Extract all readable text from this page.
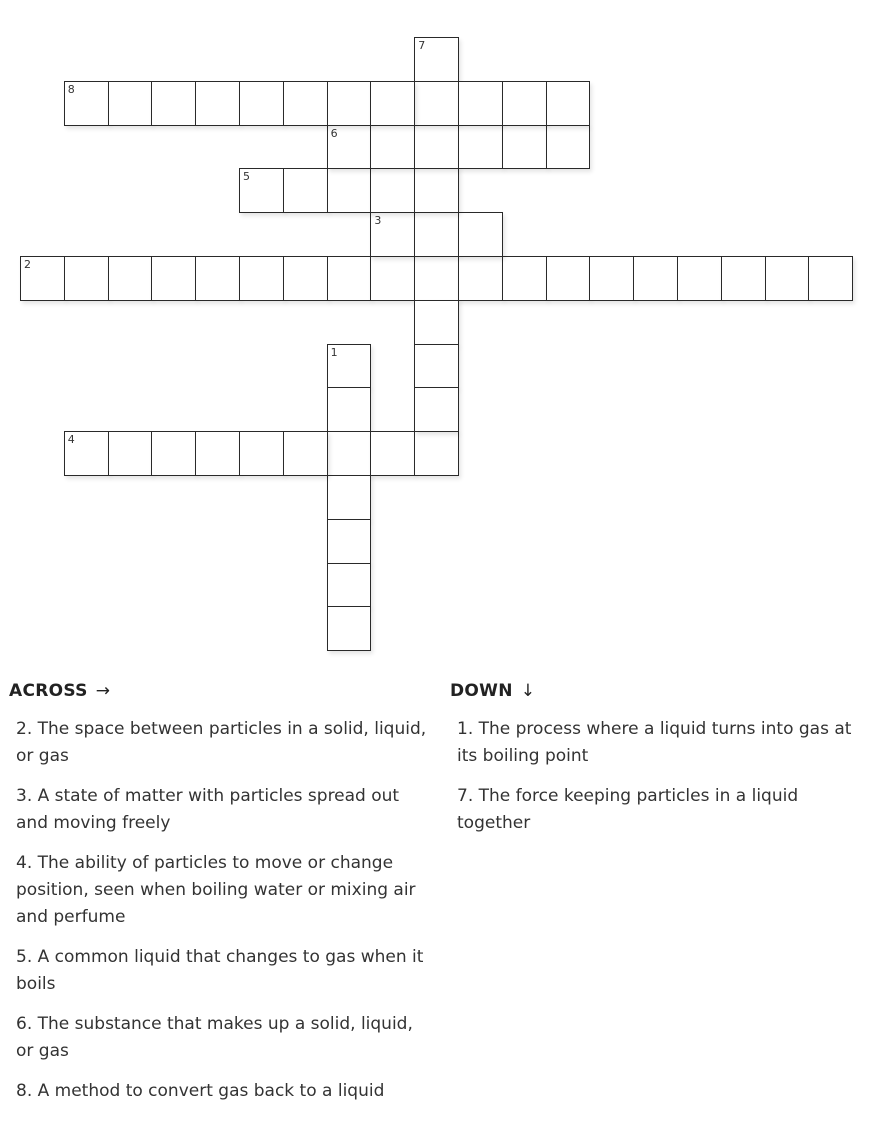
1
2
3
4
5
6
7
8
ACROSS →
2. The space between particles in a solid, liquid, or gas
3. A state of matter with particles spread out and moving freely
4. The ability of particles to move or change position, seen when boiling water or mixing air and perfume
5. A common liquid that changes to gas when it boils
6. The substance that makes up a solid, liquid, or gas
8. A method to convert gas back to a liquid
DOWN ↓
1. The process where a liquid turns into gas at its boiling point
7. The force keeping particles in a liquid together
